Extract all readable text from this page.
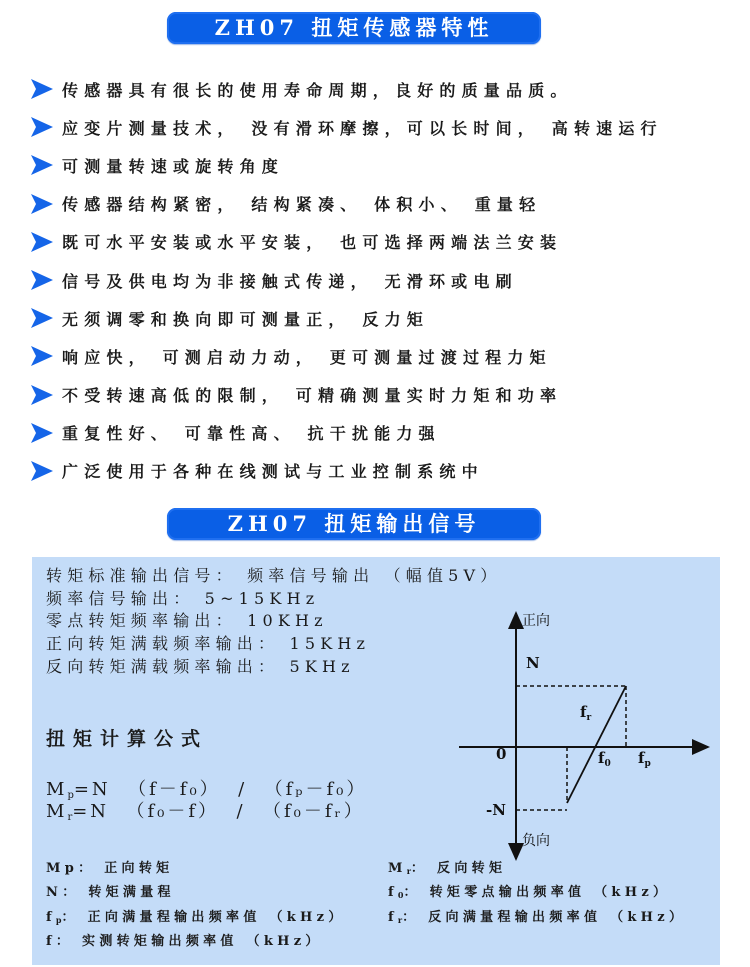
ZH07 扭矩传感器特性
传感器具有很长的使用寿命周期，良好的质量品质。
应变片测量技术， 没有滑环摩擦，可以长时间， 高转速运行
可测量转速或旋转角度
传感器结构紧密， 结构紧凑、 体积小、 重量轻
既可水平安装或水平安装， 也可选择两端法兰安装
信号及供电均为非接触式传递， 无滑环或电刷
无须调零和换向即可测量正， 反力矩
响应快， 可测启动力动， 更可测量过渡过程力矩
不受转速高低的限制， 可精确测量实时力矩和功率
重复性好、 可靠性高、 抗干扰能力强
广泛使用于各种在线测试与工业控制系统中
ZH07 扭矩输出信号
转矩标准输出信号： 频率信号输出 （幅值5V）
频率信号输出： 5~15KHz
零点转矩频率输出： 10KHz
正向转矩满载频率输出： 15KHz
反向转矩满载频率输出： 5KHz
扭矩计算公式
$M_p=N$  （f－f₀）  /  （fₚ－f₀）
$M_r=N$  （f₀－f）  /  （f₀－fᵣ）
正向
负向
N
-N
0
$f_r$
$f_0$ $f_p$
Mp： 正向转矩	$M_r$： 反向转矩
N： 转矩满量程	$f_0$： 转矩零点输出频率值 （kHz）
$f_p$： 正向满量程输出频率值 （kHz）	$f_r$： 反向满量程输出频率值 （kHz）
f： 实测转矩输出频率值 （kHz）
